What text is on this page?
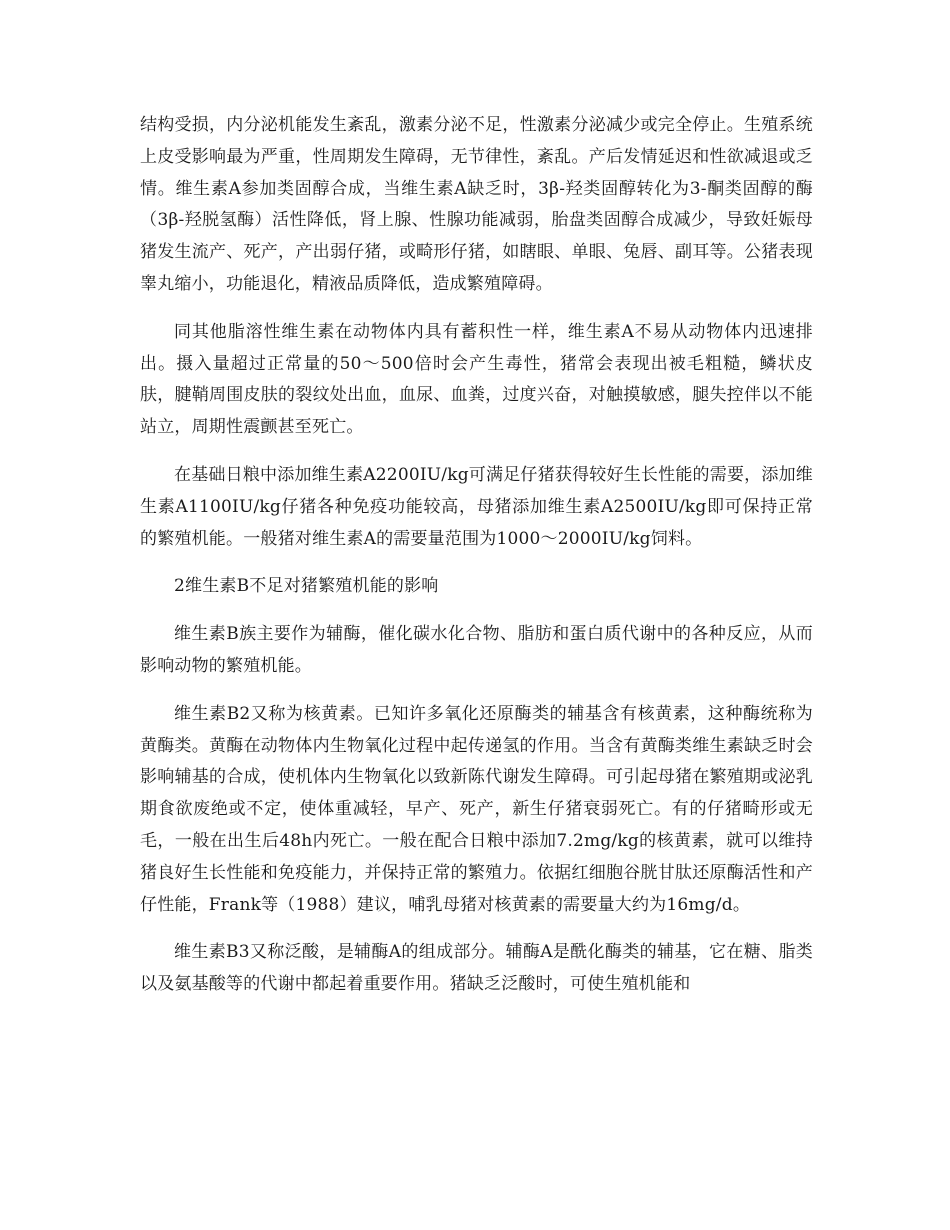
结构受损，内分泌机能发生紊乱，激素分泌不足，性激素分泌减少或完全停止。生殖系统上皮受影响最为严重，性周期发生障碍，无节律性，紊乱。产后发情延迟和性欲减退或乏情。维生素A参加类固醇合成，当维生素A缺乏时，3β-羟类固醇转化为3-酮类固醇的酶（3β-羟脱氢酶）活性降低，肾上腺、性腺功能减弱，胎盘类固醇合成减少，导致妊娠母猪发生流产、死产，产出弱仔猪，或畸形仔猪，如瞎眼、单眼、兔唇、副耳等。公猪表现睾丸缩小，功能退化，精液品质降低，造成繁殖障碍。

同其他脂溶性维生素在动物体内具有蓄积性一样，维生素A不易从动物体内迅速排出。摄入量超过正常量的50～500倍时会产生毒性，猪常会表现出被毛粗糙，鳞状皮肤，腱鞘周围皮肤的裂纹处出血，血尿、血粪，过度兴奋，对触摸敏感，腿失控伴以不能站立，周期性震颤甚至死亡。

在基础日粮中添加维生素A2200IU/kg可满足仔猪获得较好生长性能的需要，添加维生素A1100IU/kg仔猪各种免疫功能较高，母猪添加维生素A2500IU/kg即可保持正常的繁殖机能。一般猪对维生素A的需要量范围为1000～2000IU/kg饲料。

2维生素B不足对猪繁殖机能的影响

维生素B族主要作为辅酶，催化碳水化合物、脂肪和蛋白质代谢中的各种反应，从而影响动物的繁殖机能。

维生素B2又称为核黄素。已知许多氧化还原酶类的辅基含有核黄素，这种酶统称为黄酶类。黄酶在动物体内生物氧化过程中起传递氢的作用。当含有黄酶类维生素缺乏时会影响辅基的合成，使机体内生物氧化以致新陈代谢发生障碍。可引起母猪在繁殖期或泌乳期食欲废绝或不定，使体重减轻，早产、死产，新生仔猪衰弱死亡。有的仔猪畸形或无毛，一般在出生后48h内死亡。一般在配合日粮中添加7.2mg/kg的核黄素，就可以维持猪良好生长性能和免疫能力，并保持正常的繁殖力。依据红细胞谷胱甘肽还原酶活性和产仔性能，Frank等（1988）建议，哺乳母猪对核黄素的需要量大约为16mg/d。

维生素B3又称泛酸，是辅酶A的组成部分。辅酶A是酰化酶类的辅基，它在糖、脂类以及氨基酸等的代谢中都起着重要作用。猪缺乏泛酸时，可使生殖机能和
